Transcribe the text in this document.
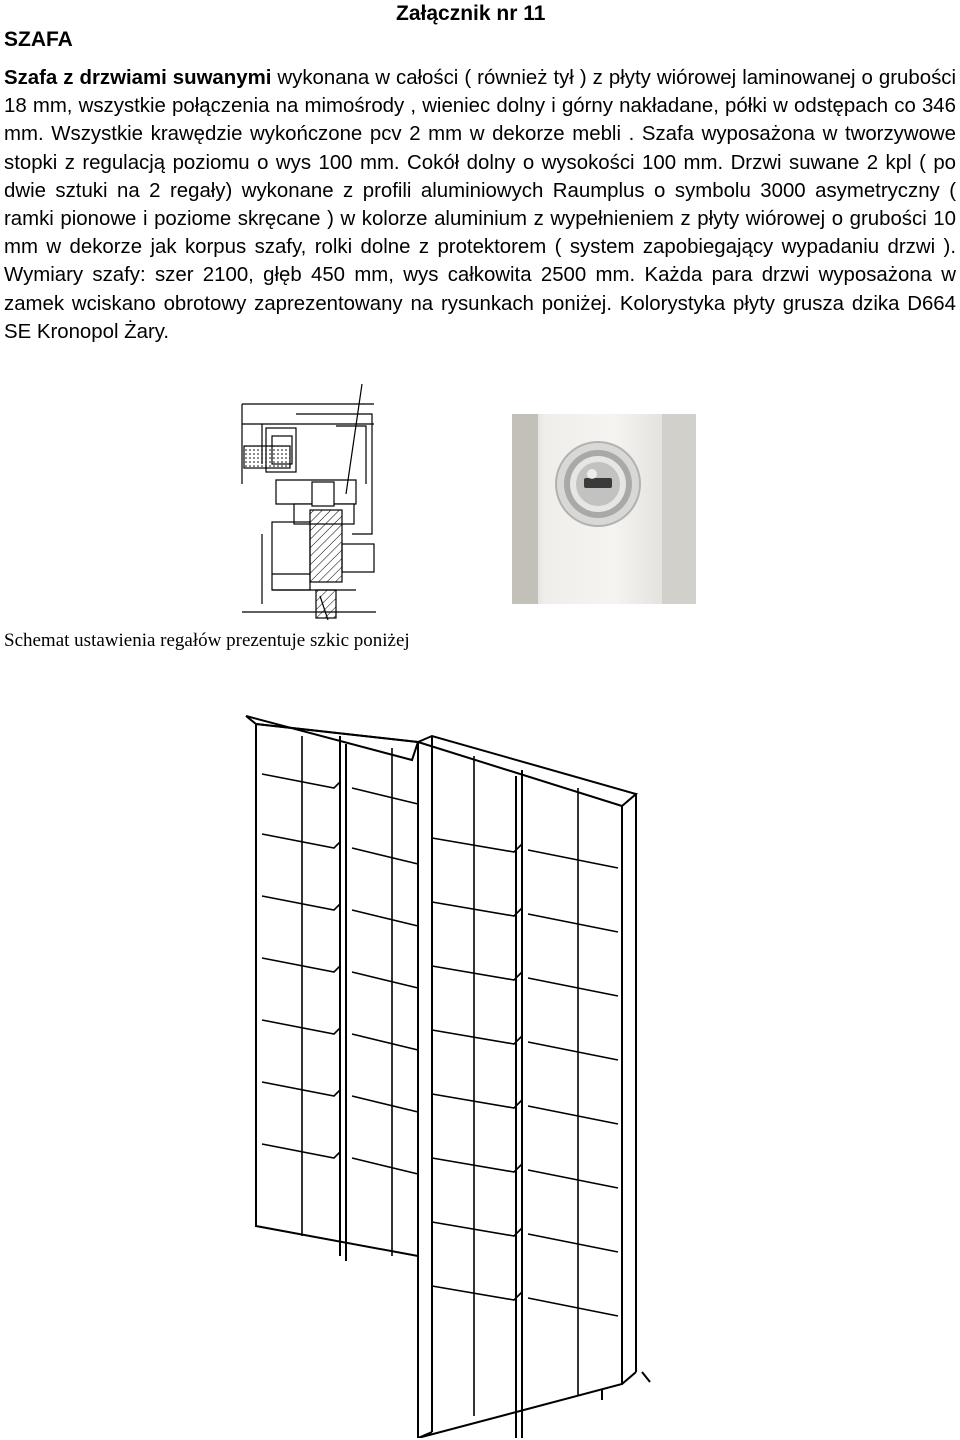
Załącznik nr 11
SZAFA
Szafa z drzwiami suwanymi wykonana w całości ( również tył ) z płyty wiórowej laminowanej o grubości 18 mm, wszystkie połączenia na mimośrody , wieniec dolny i górny nakładane, półki w odstępach co 346 mm. Wszystkie krawędzie wykończone pcv 2 mm w dekorze mebli . Szafa wyposażona w tworzywowe stopki z regulacją poziomu o wys 100 mm. Cokół dolny o wysokości 100 mm. Drzwi suwane 2 kpl ( po dwie sztuki na 2 regały) wykonane z profili aluminiowych Raumplus o symbolu 3000 asymetryczny ( ramki pionowe i poziome skręcane ) w kolorze aluminium z wypełnieniem z płyty wiórowej o grubości 10 mm w dekorze jak korpus szafy, rolki dolne z protektorem ( system zapobiegający wypadaniu drzwi ). Wymiary szafy: szer 2100, głęb 450 mm, wys całkowita 2500 mm. Każda para drzwi wyposażona w zamek wciskano obrotowy zaprezentowany na rysunkach poniżej. Kolorystyka płyty grusza dzika D664 SE Kronopol Żary.
Schemat ustawienia regałów prezentuje szkic poniżej
